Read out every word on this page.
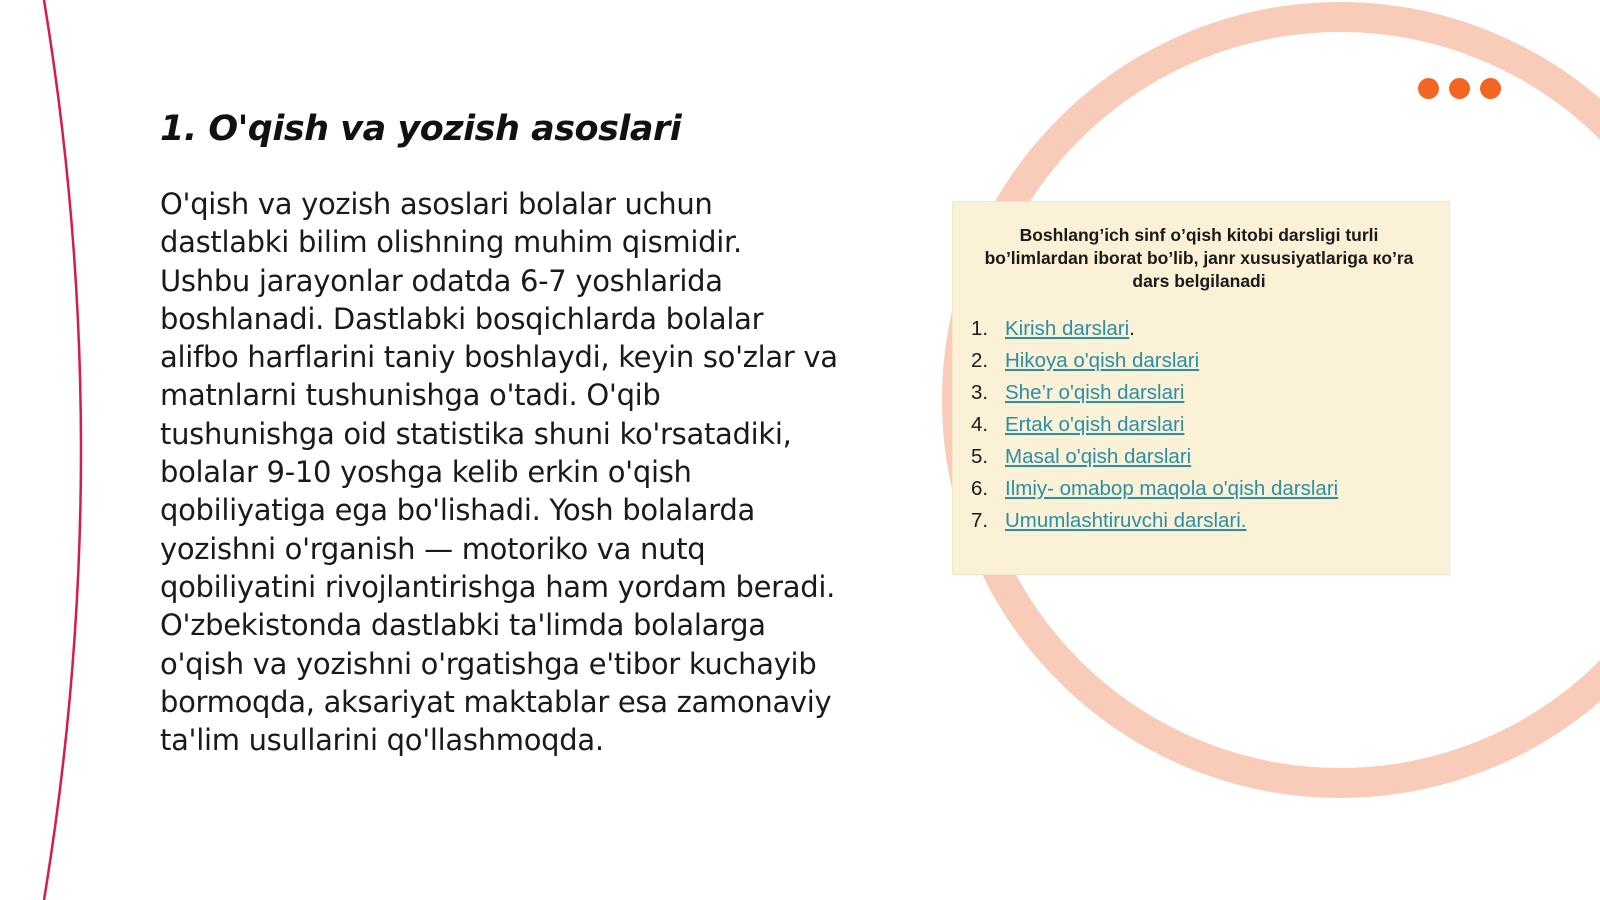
1. O'qish va yozish asoslari

O'qish va yozish asoslari bolalar uchun dastlabki bilim olishning muhim qismidir. Ushbu jarayonlar odatda 6-7 yoshlarida boshlanadi. Dastlabki bosqichlarda bolalar alifbo harflarini taniy boshlaydi, keyin so'zlar va matnlarni tushunishga o'tadi. O'qib tushunishga oid statistika shuni ko'rsatadiki, bolalar 9-10 yoshga kelib erkin o'qish qobiliyatiga ega bo'lishadi. Yosh bolalarda yozishni o'rganish — motoriko va nutq qobiliyatini rivojlantirishga ham yordam beradi. O'zbekistonda dastlabki ta'limda bolalarga o'qish va yozishni o'rgatishga e'tibor kuchayib bormoqda, aksariyat maktablar esa zamonaviy ta'lim usullarini qo'llashmoqda.

Boshlang’ich sinf o’qish kitobi darsligi turli bo’limlardan iborat bo’lib, janr xususiyatlariga кo’ra dars belgilanadi
1. Kirish darslari .
2. Hikoya o'qish darslari
3. She’r o'qish darslari
4. Ertak o'qish darslari
5. Masal o'qish darslari
6. Ilmiy- omabop maqola o'qish darslari
7. Umumlashtiruvchi darslari.
